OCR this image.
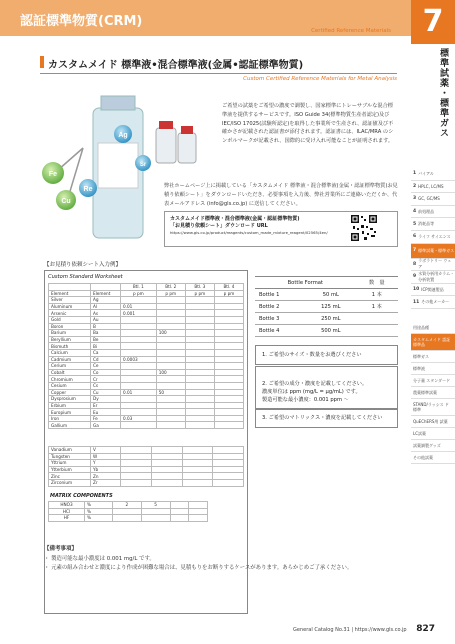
認証標準物質(CRM)
Certified Reference Materials	7
標準試薬・標準ガス
カスタムメイド 標準液•混合標準液(金属•認証標準物質)
Custom Certified Reference Materials for Metal Analysis
Ag
Fe
Sr
Cu
Re
ご希望の試薬をご希望の濃度で調製し、国家標準にトレーサブルな混合標準液を提供するサービスです。ISO Guide 34(標準物質生産者認定)及び IEC/ISO 17025(試験所認定)を取得した事業所で生産され、認証値及び不確かさが記載された認証書が添付されます。認証書には、ILAC/MRA のシンボルマークが記載され、国際的に受け入れ可能なことが証明されます。
弊社ホームページ上に掲載している「カスタムメイド 標準液・混合標準液(金属・認証標準物質)お見積り依頼シート」をダウンロードいただき、必要事項を入力後、弊社営業所にご連絡いただくか、代表メールアドレス (info@gls.co.jp) に送信してください。
カスタムメイド標準液・混合標準液(金属・認証標準物質)
「お見積り依頼シート」ダウンロード URL
https://www.gls.co.jp/product/reagents/custom_made_mixture_reagent/02565/4en/
【お見積り依頼シート入力例】
Custom Standard Worksheet
		Btl. 1	Btl. 2	Btl. 3	Btl. 4
Element	Element	p pm	p pm	p pm	p pm
Silver	Ag				
Aluminum	Al	0.01			
Arsenic	As	0.001			
Gold	Au				
Boron	B				
Barium	Ba		100		
Beryllium	Be				
Bismuth	Bi				
Calcium	Ca				
Cadmium	Cd	0.0003			
Cerium	Ce				
Cobalt	Co		100		
Chromium	Cr				
Cesium	Cs				
Copper	Cu	0.01	50		
Dysprosium	Dy				
Erbium	Er				
Europium	Eu				
Iron	Fe	0.03			
Gallium	Ga				
Vanadium	V				
Tungsten	W				
Yttrium	Y				
Ytterbium	Yb				
Zinc	Zn				
Zirconium	Zr				
MATRIX COMPONENTS
HNO3	%	2	5		
HCl	%				
HF	%				
Bottle Format		数　量
Bottle 1	50 mL	1 本
Bottle 2	125 mL	1 本
Bottle 3	250 mL	
Bottle 4	500 mL	
1. ご希望のサイズ・数量をお選びください

2. ご希望の成分・濃度を記載してください。
濃度単位は ppm (mg/L = µg/mL) です。
製造可能な最小濃度：0.001 ppm 〜

3. ご希望のマトリックス・濃度を記載してください
【備考事項】
・ 製造可能な最小濃度は 0.001 mg/L です。
・ 元素の組み合わせと濃度により作成が困難な場合は、見積もりをお断りするケースがあります。あらかじめご了承ください。
1 バイアル
2 HPLC, LC/MS
3 GC, GC/MS
4 前処理品
5 消耗品等
6 ライフ サイエンス
7 標準試薬・標準ガス
8
ラボラトリー ウェア
9
水質分析用カラム・分析装置
10 ICP関連製品
11 その他メーカー
用途品種
カスタムメイド 認証標準品
標準ガス
標準液
分子量 スタンダード
農薬標準試薬
STAND/ラッシス ド 標準
QuEChERS用 試薬
LC試薬
試薬調製グッズ
その他試薬
General Catalog No.31 | https://www.gls.co.jp 827
